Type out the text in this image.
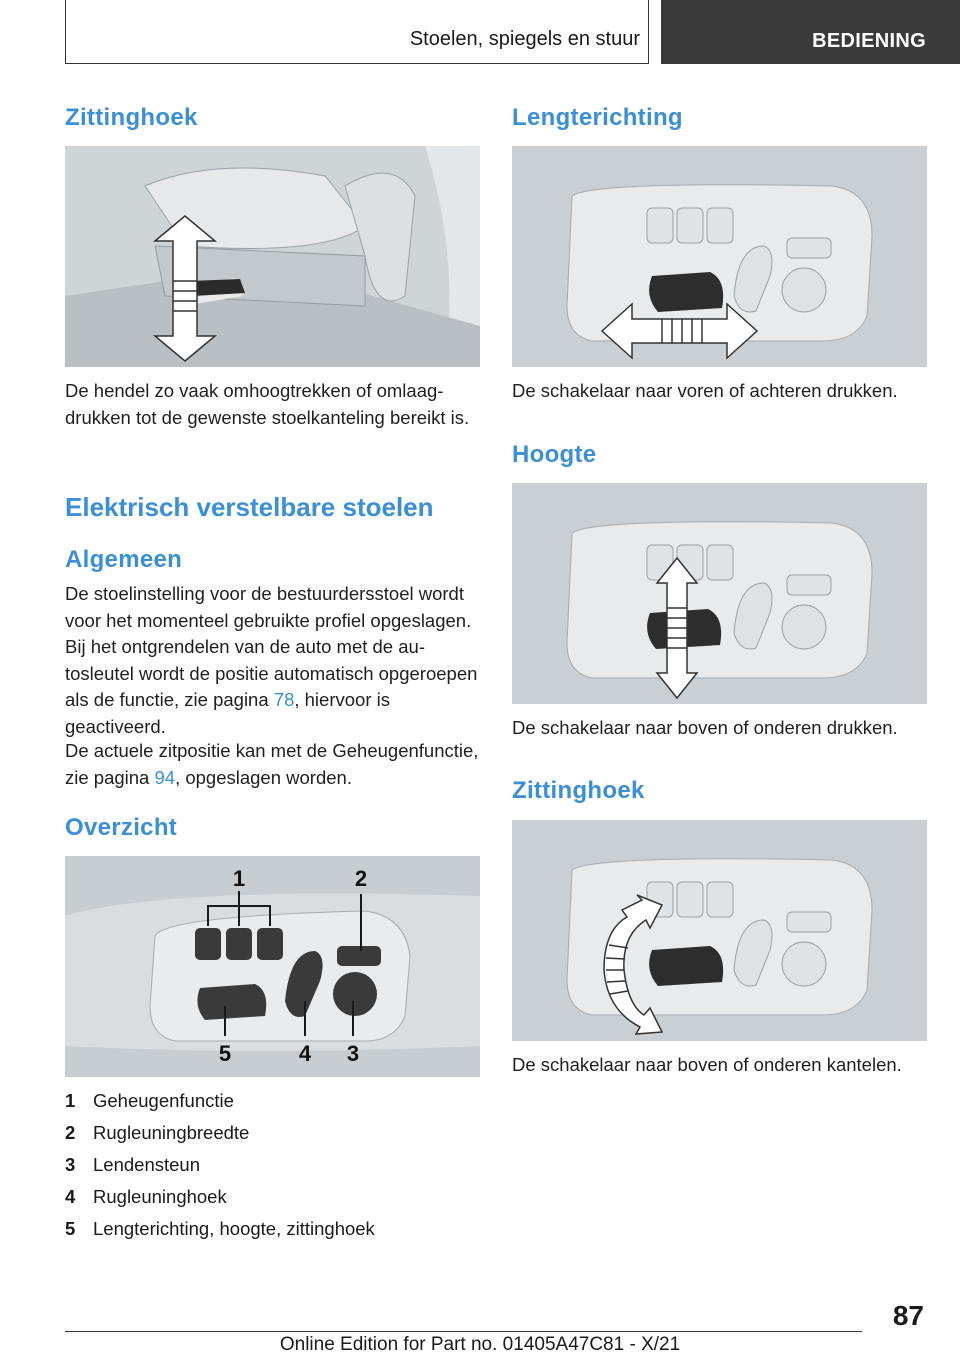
Stoelen, spiegels en stuur	BEDIENING
Zittinghoek

De hendel zo vaak omhoogtrekken of omlaagdrukken tot de gewenste stoelkanteling bereikt is.

Elektrisch verstelbare stoelen
Algemeen

De stoelinstelling voor de bestuurdersstoel wordt voor het momenteel gebruikte profiel opgeslagen. Bij het ontgrendelen van de auto met de autosleutel wordt de positie automatisch opgeroepen als de functie, zie pagina 78, hiervoor is geactiveerd.

De actuele zitpositie kan met de Geheugenfunctie, zie pagina 94, opgeslagen worden.

Overzicht
1	2
3
4
5
1 Geheugenfunctie
2 Rugleuningbreedte
3 Lendensteun
4 Rugleuninghoek
5 Lengterichting, hoogte, zittinghoek
Lengterichting

De schakelaar naar voren of achteren drukken.

Hoogte

De schakelaar naar boven of onderen drukken.

Zittinghoek

De schakelaar naar boven of onderen kantelen.

87
Online Edition for Part no. 01405A47C81 - X/21
